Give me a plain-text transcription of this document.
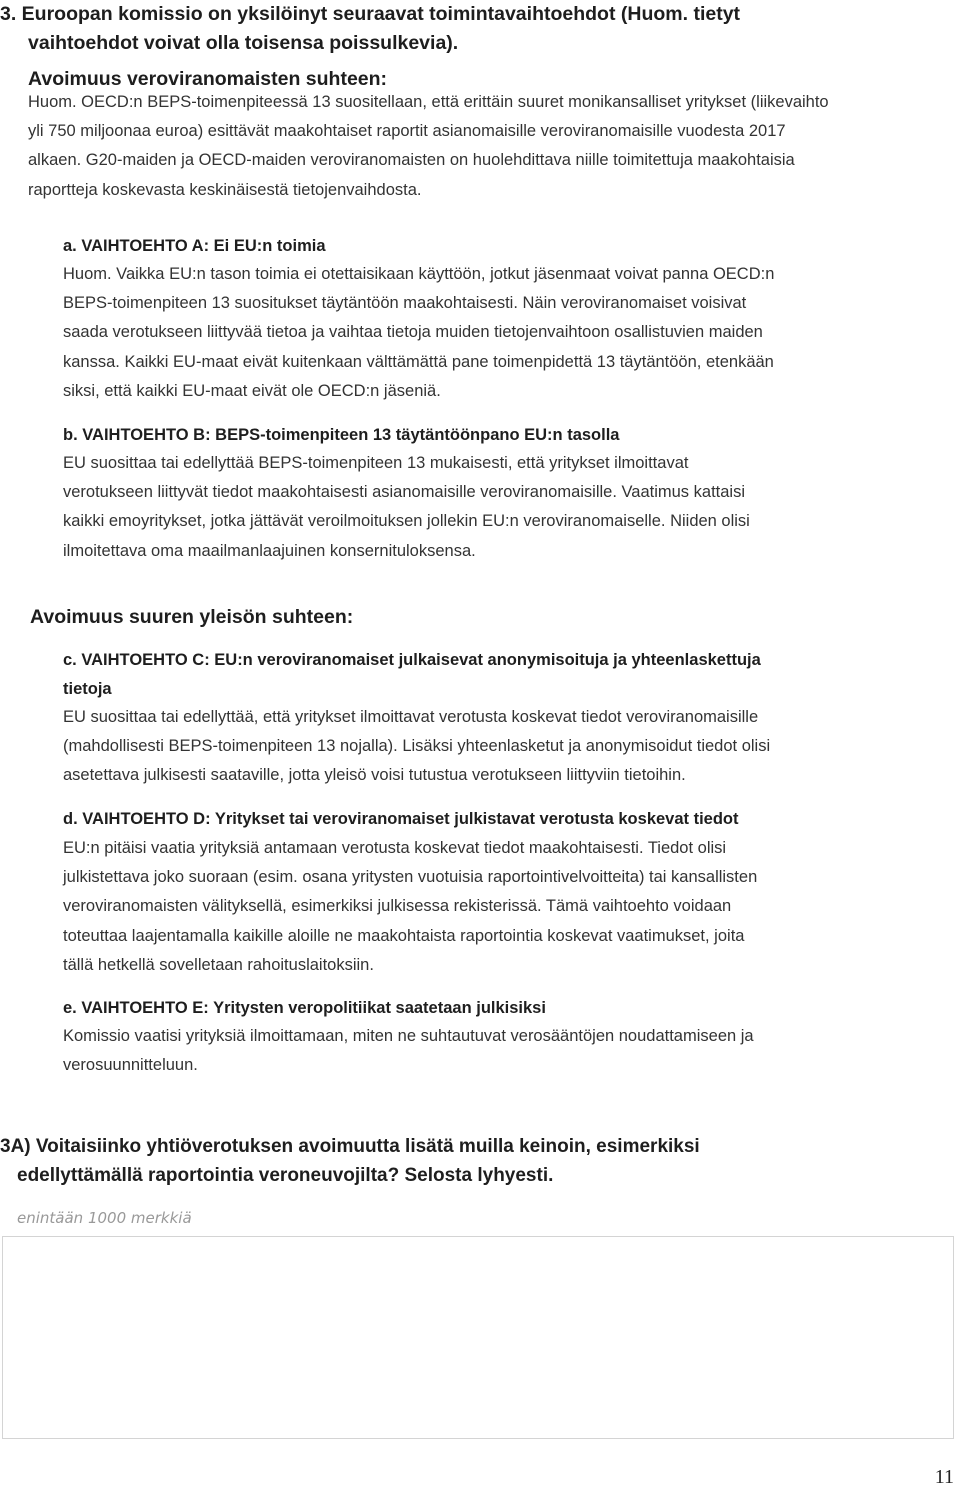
3. Euroopan komissio on yksilöinyt seuraavat toimintavaihtoehdot (Huom. tietyt
vaihtoehdot voivat olla toisensa poissulkevia).
Avoimuus veroviranomaisten suhteen:
Huom. OECD:n BEPS-toimenpiteessä 13 suositellaan, että erittäin suuret monikansalliset yritykset (liikevaihto
yli 750 miljoonaa euroa) esittävät maakohtaiset raportit asianomaisille veroviranomaisille vuodesta 2017
alkaen. G20-maiden ja OECD-maiden veroviranomaisten on huolehdittava niille toimitettuja maakohtaisia
raportteja koskevasta keskinäisestä tietojenvaihdosta.
a. VAIHTOEHTO A: Ei EU:n toimia
Huom. Vaikka EU:n tason toimia ei otettaisikaan käyttöön, jotkut jäsenmaat voivat panna OECD:n
BEPS-toimenpiteen 13 suositukset täytäntöön maakohtaisesti. Näin veroviranomaiset voisivat
saada verotukseen liittyvää tietoa ja vaihtaa tietoja muiden tietojenvaihtoon osallistuvien maiden
kanssa. Kaikki EU-maat eivät kuitenkaan välttämättä pane toimenpidettä 13 täytäntöön, etenkään
siksi, että kaikki EU-maat eivät ole OECD:n jäseniä.
b. VAIHTOEHTO B: BEPS-toimenpiteen 13 täytäntöönpano EU:n tasolla
EU suosittaa tai edellyttää BEPS-toimenpiteen 13 mukaisesti, että yritykset ilmoittavat
verotukseen liittyvät tiedot maakohtaisesti asianomaisille veroviranomaisille. Vaatimus kattaisi
kaikki emoyritykset, jotka jättävät veroilmoituksen jollekin EU:n veroviranomaiselle. Niiden olisi
ilmoitettava oma maailmanlaajuinen konsernituloksensa.
Avoimuus suuren yleisön suhteen:
c. VAIHTOEHTO C: EU:n veroviranomaiset julkaisevat anonymisoituja ja yhteenlaskettuja
tietoja
EU suosittaa tai edellyttää, että yritykset ilmoittavat verotusta koskevat tiedot veroviranomaisille
(mahdollisesti BEPS-toimenpiteen 13 nojalla). Lisäksi yhteenlasketut ja anonymisoidut tiedot olisi
asetettava julkisesti saataville, jotta yleisö voisi tutustua verotukseen liittyviin tietoihin.
d. VAIHTOEHTO D: Yritykset tai veroviranomaiset julkistavat verotusta koskevat tiedot
EU:n pitäisi vaatia yrityksiä antamaan verotusta koskevat tiedot maakohtaisesti. Tiedot olisi
julkistettava joko suoraan (esim. osana yritysten vuotuisia raportointivelvoitteita) tai kansallisten
veroviranomaisten välityksellä, esimerkiksi julkisessa rekisterissä. Tämä vaihtoehto voidaan
toteuttaa laajentamalla kaikille aloille ne maakohtaista raportointia koskevat vaatimukset, joita
tällä hetkellä sovelletaan rahoituslaitoksiin.
e. VAIHTOEHTO E: Yritysten veropolitiikat saatetaan julkisiksi
Komissio vaatisi yrityksiä ilmoittamaan, miten ne suhtautuvat verosääntöjen noudattamiseen ja
verosuunnitteluun.
3A) Voitaisiinko yhtiöverotuksen avoimuutta lisätä muilla keinoin, esimerkiksi
edellyttämällä raportointia veroneuvojilta? Selosta lyhyesti.
enintään 1000 merkkiä
11
